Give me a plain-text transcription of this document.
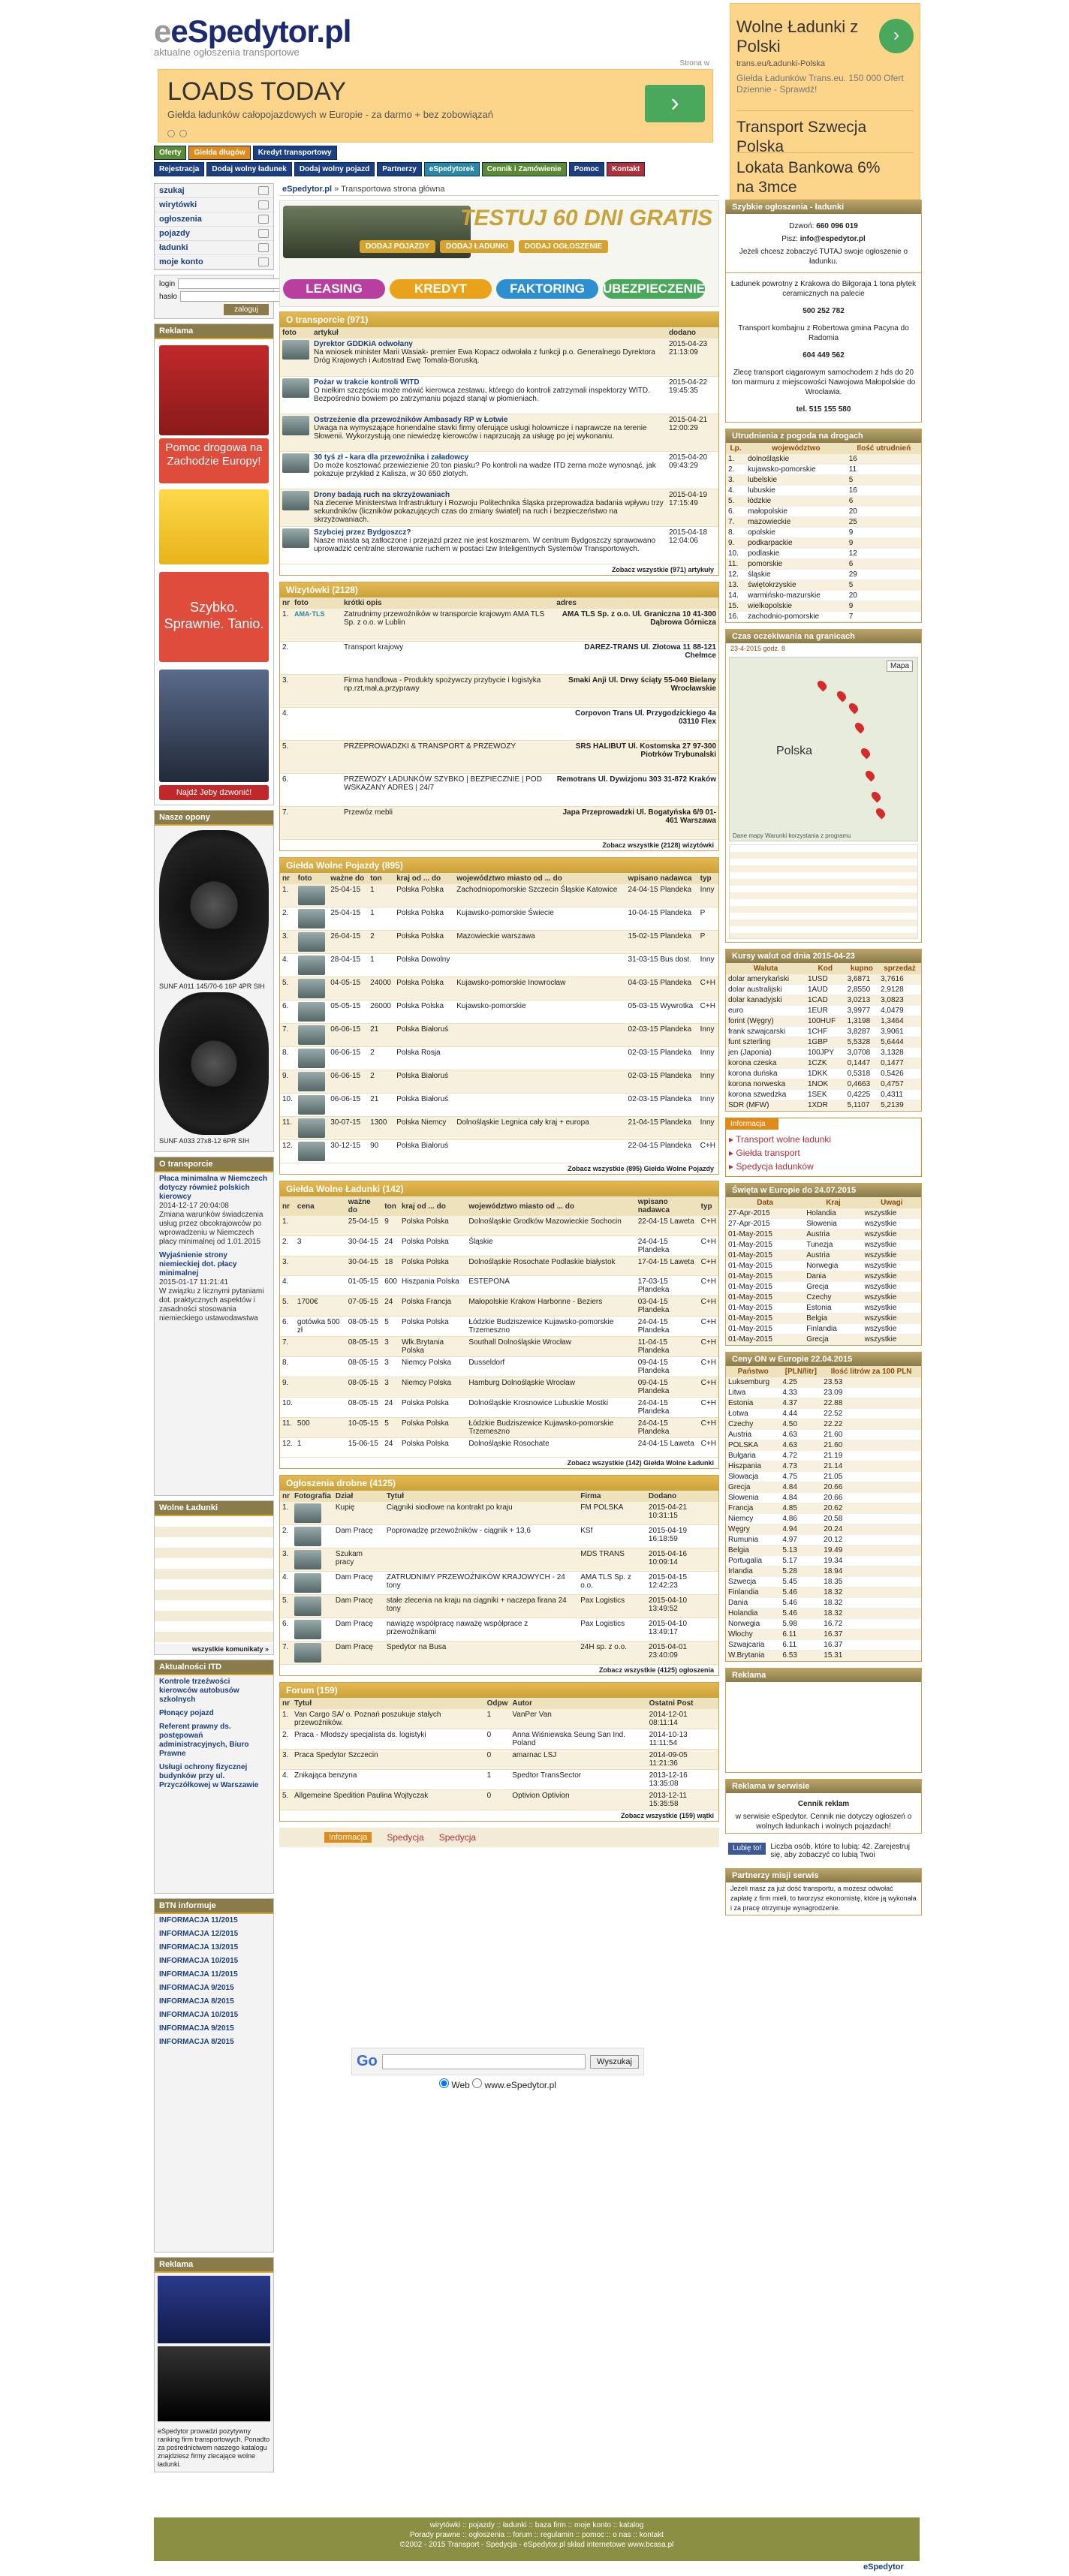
eeSpedytor.pl
aktualne ogłoszenia transportowe
Strona w
LOADS TODAY
Giełda ładunków całopojazdowych w Europie - za darmo + bez zobowiązań	›
Oferty	Giełda długów	Kredyt transportowy
Rejestracja	Dodaj wolny ładunek	Dodaj wolny pojazd	Partnerzy	eSpedytorek	Cennik i Zamówienie	Pomoc	Kontakt
Wolne Ładunki z Polski
›
trans.eu/Ładunki-Polska
Giełda Ładunków Trans.eu. 150 000 Ofert Dziennie - Sprawdź!
Transport Szwecja Polska
Lokata Bankowa 6% na 3mce
szukaj
wirytówki
ogłoszenia
pojazdy
ładunki
moje konto
login
hasło
zaloguj
Reklama
Pomoc drogowa na Zachodzie Europy!
Szybko. Sprawnie. Tanio.
Najdź Jeby dzwonić!
Nasze opony
SUNF A011 145/70-6 16P 4PR SIH
SUNF A033 27x8-12 6PR SIH
O transporcie

Płaca minimalna w Niemczech dotyczy również polskich kierowcy
2014-12-17 20:04:08
Zmiana warunków świadczenia usług przez obcokrajowców po wprowadzeniu w Niemczech płacy minimalnej od 1.01.2015

Wyjaśnienie strony niemieckiej dot. płacy minimalnej
2015-01-17 11:21:41
W związku z licznymi pytaniami dot. praktycznych aspektów i zasadności stosowania niemieckiego ustawodawstwa

Wolne Ładunki
wszystkie komunikaty »
Aktualności ITD

Kontrole trzeźwości kierowców autobusów szkolnych

Płonący pojazd

Referent prawny ds. postępowań administracyjnych, Biuro Prawne

Usługi ochrony fizycznej budynków przy ul. Przyczółkowej w Warszawie

BTN informuje

INFORMACJA 11/2015

INFORMACJA 12/2015

INFORMACJA 13/2015

INFORMACJA 10/2015

INFORMACJA 11/2015

INFORMACJA 9/2015

INFORMACJA 8/2015

INFORMACJA 10/2015

INFORMACJA 9/2015

INFORMACJA 8/2015

Reklama

eSpedytor prowadzi pozytywny ranking firm transportowych. Ponadto za pośrednictwem naszego katalogu znajdziesz firmy zlecające wolne ładunki.

eSpedytor.pl » Transportowa strona główna
TESTUJ 60 DNI GRATIS
DODAJ POJAZDY	DODAJ ŁADUNKI	DODAJ OGŁOSZENIE
LEASING	KREDYT	FAKTORING	UBEZPIECZENIE
O transporcie (971)
foto	artykuł	dodano

	Dyrektor GDDKiA odwołany
Na wniosek minister Marii Wasiak- premier Ewa Kopacz odwołała z funkcji p.o. Generalnego Dyrektora Dróg Krajowych i Autostrad Ewę Tomala-Boruską.	2015-04-23 21:13:09

	Pożar w trakcie kontroli WITD
O niełkim szczęściu może mówić kierowca zestawu, którego do kontroli zatrzymali inspektorzy WITD. Bezpośrednio bowiem po zatrzymaniu pojazd stanął w płomieniach.	2015-04-22 19:45:35

	Ostrzeżenie dla przewoźników Ambasady RP w Łotwie
Uwaga na wymyszające honendalne stavki firmy oferujące usługi holownicze i naprawcze na terenie Słowenii. Wykorzystują one niewiedzę kierowców i naprzucają za usługę po jej wykonaniu.	2015-04-21 12:00:29

	30 tyś zł - kara dla przewoźnika i załadowcy
Do może kosztować przewiezienie 20 ton piasku? Po kontroli na wadze ITD zerna może wynosnąć, jak pokazuje przykład z Kalisza, w 30 650 złotych.	2015-04-20 09:43:29

	Drony badają ruch na skrzyżowaniach
Na zlecenie Ministerstwa Infrastruktury i Rozwoju Politechnika Śląska przeprowadza badania wpływu trzy sekundników (liczników pokazujących czas do zmiany świateł) na ruch i bezpieczeństwo na skrzyżowaniach.	2015-04-19 17:15:49

	Szybciej przez Bydgoszcz?
Nasze miasta są zatłoczone i przejazd przez nie jest koszmarem. W centrum Bydgoszczy sprawowano uprowadzić centralne sterowanie ruchem w postaci tzw Inteligentnych Systemów Transportowych.	2015-04-18 12:04:06
Zobacz wszystkie (971) artykuły
Wizytówki (2128)
nr	foto	krótki opis	adres
1.	AMA·TLS	Zatrudnimy przewoźników w transporcie krajowym AMA TLS Sp. z o.o. w Lublin	AMA TLS Sp. z o.o. Ul. Graniczna 10 41-300 Dąbrowa Górnicza

2.		Transport krajowy	DAREZ-TRANS Ul. Złotowa 11 88-121 Chełmce

3.		Firma handlowa - Produkty spożywczy przybycie i logistyka np.rzt,mał,a,przyprawy	Smaki Anji Ul. Drwy ściąty 55-040 Bielany Wrocławskie

4.			Corpovon Trans Ul. Przygodzickiego 4a 03110 Flex

5.		PRZEPROWADZKI & TRANSPORT & PRZEWOZY	SRS HALIBUT Ul. Kostomska 27 97-300 Piotrków Trybunalski

6.		PRZEWOZY ŁADUNKÓW SZYBKO | BEZPIECZNIE | POD WSKAZANY ADRES | 24/7	Remotrans Ul. Dywizjonu 303 31-872 Kraków

7.		Przewóz mebli	Japa Przeprowadzki Ul. Bogatyńska 6/9 01-461 Warszawa
Zobacz wszystkie (2128) wizytówki
Giełda Wolne Pojazdy (895)
nr	foto	ważne do	ton	kraj od ... do	województwo miasto od ... do	wpisano nadawca	typ
1.		25-04-15	1	Polska Polska	Zachodniopomorskie Szczecin Śląskie Katowice	24-04-15 Plandeka	Inny
2.		25-04-15	1	Polska Polska	Kujawsko-pomorskie Świecie	10-04-15 Plandeka	P
3.		26-04-15	2	Polska Polska	Mazowieckie warszawa	15-02-15 Plandeka	P
4.		28-04-15	1	Polska Dowolny		31-03-15 Bus dost.	Inny
5.		04-05-15	24000	Polska Polska	Kujawsko-pomorskie Inowrocław	04-03-15 Plandeka	C+H
6.		05-05-15	26000	Polska Polska	Kujawsko-pomorskie	05-03-15 Wywrotka	C+H
7.		06-06-15	21	Polska Białoruś		02-03-15 Plandeka	Inny
8.		06-06-15	2	Polska Rosja		02-03-15 Plandeka	Inny
9.		06-06-15	2	Polska Białoruś		02-03-15 Plandeka	Inny
10.		06-06-15	21	Polska Białoruś		02-03-15 Plandeka	Inny
11.		30-07-15	1300	Polska Niemcy	Dolnośląskie Legnica cały kraj + europa	21-04-15 Plandeka	Inny
12.		30-12-15	90	Polska Białoruś		22-04-15 Plandeka	C+H
Zobacz wszystkie (895) Giełda Wolne Pojazdy
Giełda Wolne Ładunki (142)
nr	cena	ważne do	ton	kraj od ... do	województwo miasto od ... do	wpisano nadawca	typ
1.		25-04-15	9	Polska Polska	Dolnośląskie Grodków Mazowieckie Sochocin	22-04-15 Laweta	C+H
2.	3	30-04-15	24	Polska Polska	Śląskie	24-04-15 Plandeka	C+H
3.		30-04-15	18	Polska Polska	Dolnośląskie Rosochate Podlaskie białystok	17-04-15 Laweta	C+H
4.		01-05-15	600	Hiszpania Polska	ESTEPONA	17-03-15 Plandeka	C+H
5.	1700€	07-05-15	24	Polska Francja	Małopolskie Krakow Harbonne - Beziers	03-04-15 Plandeka	C+H
6.	gotówka 500 zł	08-05-15	5	Polska Polska	Łódzkie Budziszewice Kujawsko-pomorskie Trzemeszno	24-04-15 Plandeka	C+H
7.		08-05-15	3	Wlk.Brytania Polska	Southall Dolnośląskie Wrocław	11-04-15 Plandeka	C+H
8.		08-05-15	3	Niemcy Polska	Dusseldorf	09-04-15 Plandeka	C+H
9.		08-05-15	3	Niemcy Polska	Hamburg Dolnośląskie Wrocław	09-04-15 Plandeka	C+H
10.		08-05-15	24	Polska Polska	Dolnośląskie Krosnowice Lubuskie Mostki	24-04-15 Plandeka	C+H
11.	500	10-05-15	5	Polska Polska	Łódzkie Budziszewice Kujawsko-pomorskie Trzemeszno	24-04-15 Plandeka	C+H
12.	1	15-06-15	24	Polska Polska	Dolnośląskie Rosochate	24-04-15 Laweta	C+H
Zobacz wszystkie (142) Giełda Wolne Ładunki
Ogłoszenia drobne (4125)
nr	Fotografia	Dział	Tytuł	Firma	Dodano
1.		Kupię	Ciągniki siodłowe na kontrakt po kraju	FM POLSKA	2015-04-21 10:31:15
2.		Dam Pracę	Poprowadzę przewoźników - ciągnik + 13,6	KSf	2015-04-19 16:18:59
3.		Szukam pracy		MDS TRANS	2015-04-16 10:09:14
4.		Dam Pracę	ZATRUDNIMY PRZEWOŹNIKÓW KRAJOWYCH - 24 tony	AMA TLS Sp. z o.o.	2015-04-15 12:42:23
5.		Dam Pracę	stałe zlecenia na kraju na ciągniki + naczepa firana 24 tony	Pax Logistics	2015-04-10 13:49:52
6.		Dam Pracę	nawiązę współpracę naważę współprace z przewoźnikami	Pax Logistics	2015-04-10 13:49:17
7.		Dam Pracę	Spedytor na Busa	24H sp. z o.o.	2015-04-01 23:40:09
Zobacz wszystkie (4125) ogłoszenia
Forum (159)
nr	Tytuł	Odpw	Autor	Ostatni Post
1.	Van Cargo SA/ o. Poznań poszukuje stałych przewoźników.	1	VanPer Van	2014-12-01 08:11:14
2.	Praca - Młodszy specjalista ds. logistyki	0	Anna Wiśniewska Seung San Ind. Poland	2014-10-13 11:11:54
3.	Praca Spedytor Szczecin	0	amarnac LSJ	2014-09-05 11:21:36
4.	Znikająca benzyna	1	Spedtor TransSector	2013-12-16 13:35:08
5.	Allgemeine Spedition Paulina Wojtyczak	0	Optivion Optivion	2013-12-11 15:35:58
Zobacz wszystkie (159) wątki
Informacja	Spedycja Spedycja
Go	Wyszukaj
Web www.eSpedytor.pl
Szybkie ogłoszenia - ładunki

Dzwoń: 660 096 019

Pisz: info@espedytor.pl

Jeżeli chcesz zobaczyć TUTAJ swoje ogłoszenie o ładunku.

Ładunek powrotny z Krakowa do Biłgoraja 1 tona płytek ceramicznych na palecie

500 252 782

Transport kombajnu z Robertowa gmina Pacyna do Radomia

604 449 562

Zlecę transport ciągarowym samochodem z hds do 20 ton marmuru z miejscowości Nawojowa Małopolskie do Wrocławia.

tel. 515 155 580

Utrudnienia z pogoda na drogach
Lp.	województwo	Ilość utrudnień
1.	dolnośląskie	16
2.	kujawsko-pomorskie	11
3.	lubelskie	5
4.	lubuskie	16
5.	łódzkie	6
6.	małopolskie	20
7.	mazowieckie	25
8.	opolskie	9
9.	podkarpackie	9
10.	podlaskie	12
11.	pomorskie	6
12.	śląskie	29
13.	świętokrzyskie	5
14.	warmińsko-mazurskie	20
15.	wielkopolskie	9
16.	zachodnio-pomorskie	7
Czas oczekiwania na granicach
23-4-2015 godz. 8
Mapa
Polska
Dane mapy Warunki korzystania z programu
Kursy walut od dnia 2015-04-23
Waluta	Kod	kupno	sprzedaż
dolar amerykański	1USD	3,6871	3,7616
dolar australijski	1AUD	2,8550	2,9128
dolar kanadyjski	1CAD	3,0213	3,0823
euro	1EUR	3,9977	4,0479
forint (Węgry)	100HUF	1,3198	1,3464
frank szwajcarski	1CHF	3,8287	3,9061
funt szterling	1GBP	5,5328	5,6444
jen (Japonia)	100JPY	3,0708	3,1328
korona czeska	1CZK	0,1447	0,1477
korona duńska	1DKK	0,5318	0,5426
korona norweska	1NOK	0,4663	0,4757
korona szwedzka	1SEK	0,4225	0,4311
SDR (MFW)	1XDR	5,1107	5,2139
Informacja
▸ Transport wolne ładunki
▸ Giełda transport
▸ Spedycja ładunków
Święta w Europie do 24.07.2015
Data	Kraj	Uwagi
27-Apr-2015	Holandia	wszystkie
27-Apr-2015	Słowenia	wszystkie
01-May-2015	Austria	wszystkie
01-May-2015	Tunezja	wszystkie
01-May-2015	Austria	wszystkie
01-May-2015	Norwegia	wszystkie
01-May-2015	Dania	wszystkie
01-May-2015	Grecja	wszystkie
01-May-2015	Czechy	wszystkie
01-May-2015	Estonia	wszystkie
01-May-2015	Belgia	wszystkie
01-May-2015	Finlandia	wszystkie
01-May-2015	Grecja	wszystkie
Ceny ON w Europie 22.04.2015
Państwo	[PLN/litr]	Ilość litrów za 100 PLN
Luksemburg	4.25	23.53
Litwa	4.33	23.09
Estonia	4.37	22.88
Łotwa	4.44	22.52
Czechy	4.50	22.22
Austria	4.63	21.60
POLSKA	4.63	21.60
Bułgaria	4.72	21.19
Hiszpania	4.73	21.14
Słowacja	4.75	21.05
Grecja	4.84	20.66
Słowenia	4.84	20.66
Francja	4.85	20.62
Niemcy	4.86	20.58
Węgry	4.94	20.24
Rumunia	4.97	20.12
Belgia	5.13	19.49
Portugalia	5.17	19.34
Irlandia	5.28	18.94
Szwecja	5.45	18.35
Finlandia	5.46	18.32
Dania	5.46	18.32
Holandia	5.46	18.32
Norwegia	5.98	16.72
Włochy	6.11	16.37
Szwajcaria	6.11	16.37
W.Brytania	6.53	15.31
Reklama
Reklama w serwisie

Cennik reklam

w serwisie eSpedytor. Cennik nie dotyczy ogłoszeń o wolnych ładunkach i wolnych pojazdach!

Lubię to!	Liczba osób, które to lubią: 42. Zarejestruj się, aby zobaczyć co lubią Twoi
Partnerzy misji serwis

Jeżeli masz za już dość transportu, a możesz odwołać zapłatę z firm mieli, to tworzysz ekonomistę, które ją wykonała i za pracę otrzymuje wynagrodzenie.

wirytówki :: pojazdy :: ładunki :: baza firm :: moje konto :: katalog
Porady prawne :: ogłoszenia :: forum :: regulamin :: pomoc :: o nas :: kontakt
©2002 - 2015 Transport - Spedycja - eSpedytor.pl skład internetowe www.bcasa.pl
eSpedytor
